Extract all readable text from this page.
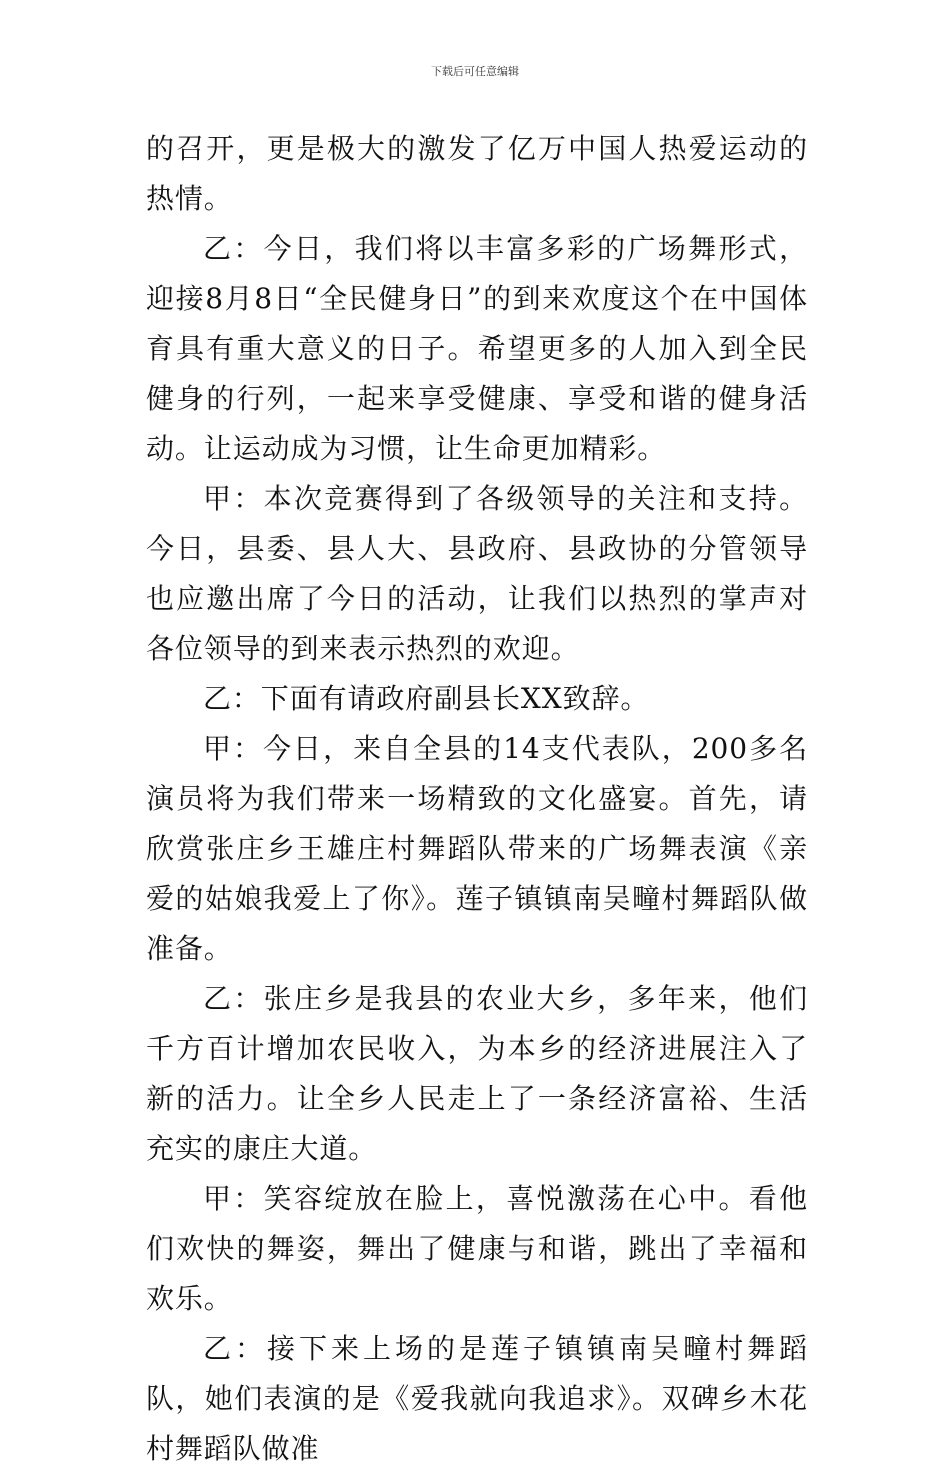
下载后可任意编辑

的召开，更是极大的激发了亿万中国人热爱运动的热情。

乙：今日，我们将以丰富多彩的广场舞形式，迎接8月8日“全民健身日”的到来欢度这个在中国体育具有重大意义的日子。希望更多的人加入到全民健身的行列，一起来享受健康、享受和谐的健身活动。让运动成为习惯，让生命更加精彩。

甲：本次竞赛得到了各级领导的关注和支持。今日，县委、县人大、县政府、县政协的分管领导也应邀出席了今日的活动，让我们以热烈的掌声对各位领导的到来表示热烈的欢迎。

乙：下面有请政府副县长XX致辞。

甲：今日，来自全县的14支代表队，200多名演员将为我们带来一场精致的文化盛宴。首先，请欣赏张庄乡王雄庄村舞蹈队带来的广场舞表演《亲爱的姑娘我爱上了你》。莲子镇镇南吴疃村舞蹈队做准备。

乙：张庄乡是我县的农业大乡，多年来，他们千方百计增加农民收入，为本乡的经济进展注入了新的活力。让全乡人民走上了一条经济富裕、生活充实的康庄大道。

甲：笑容绽放在脸上，喜悦激荡在心中。看他们欢快的舞姿，舞出了健康与和谐，跳出了幸福和欢乐。

乙：接下来上场的是莲子镇镇南吴疃村舞蹈队，她们表演的是《爱我就向我追求》。双碑乡木花村舞蹈队做准
